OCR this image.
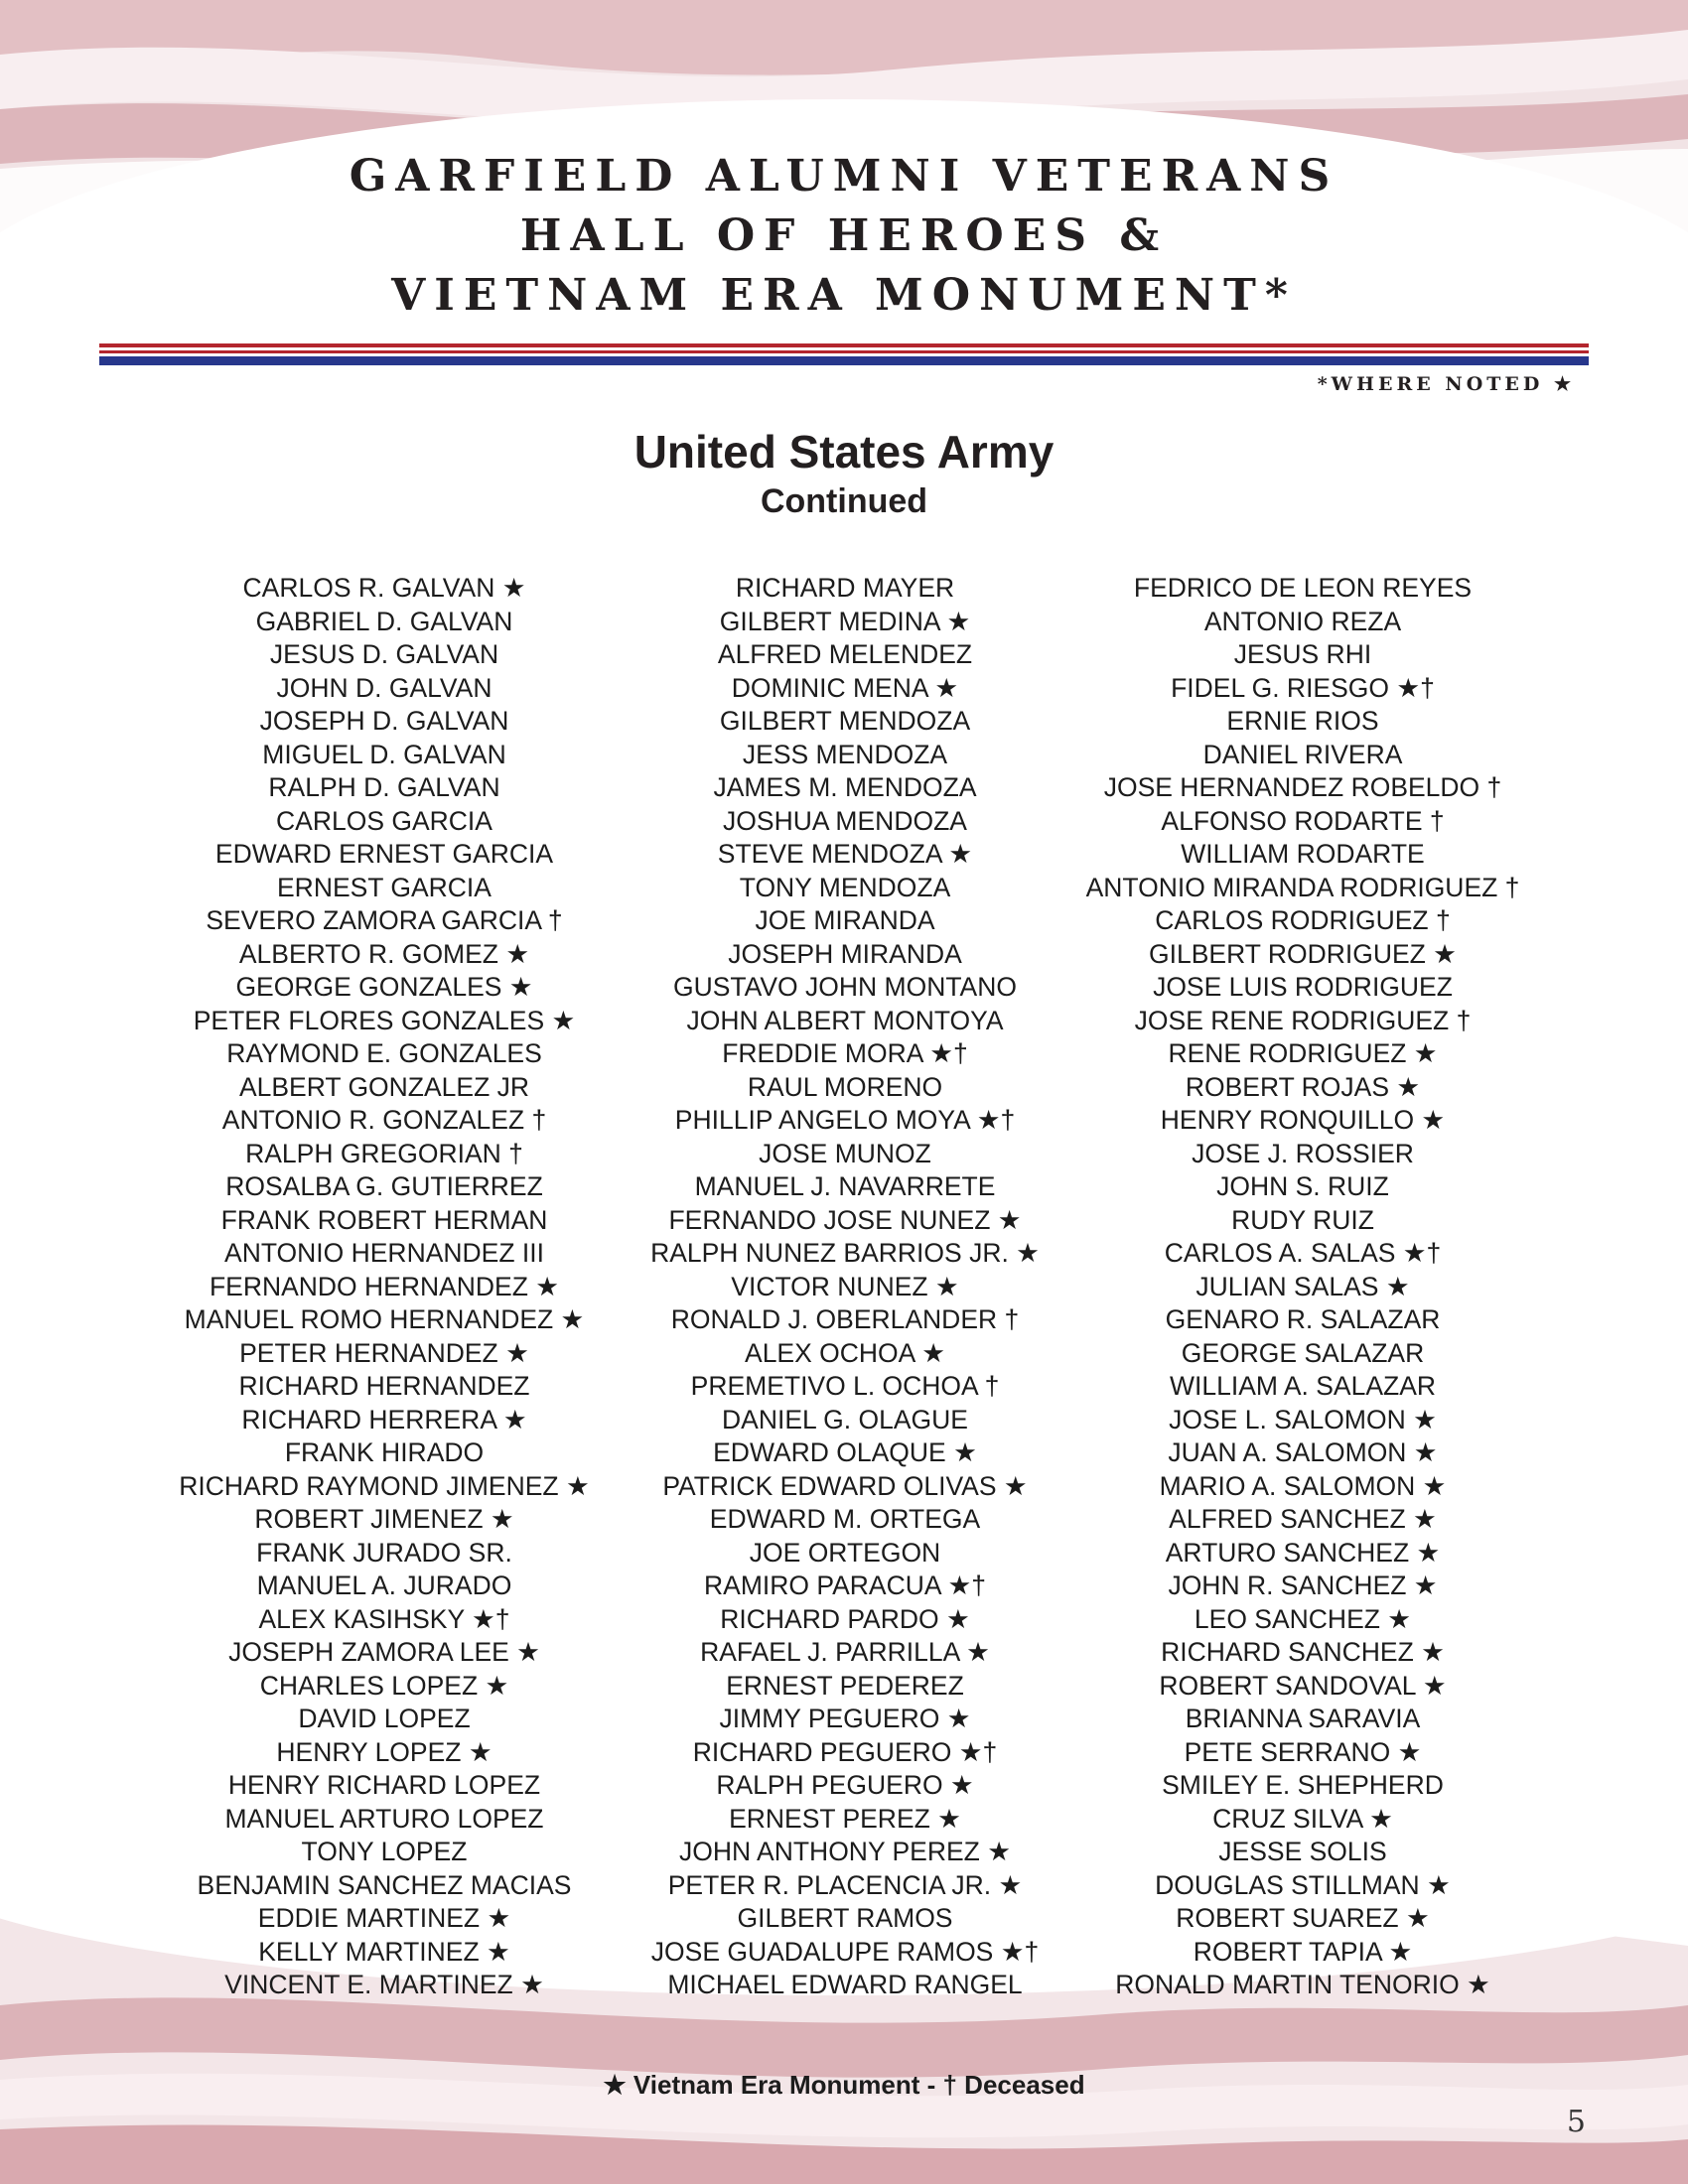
GARFIELD ALUMNI VETERANS
HALL OF HEROES &
VIETNAM ERA MONUMENT*
*WHERE NOTED ★
United States Army
Continued
CARLOS R. GALVAN ★
GABRIEL D. GALVAN
JESUS D. GALVAN
JOHN D. GALVAN
JOSEPH D. GALVAN
MIGUEL D. GALVAN
RALPH D. GALVAN
CARLOS GARCIA
EDWARD ERNEST GARCIA
ERNEST GARCIA
SEVERO ZAMORA GARCIA †
ALBERTO R. GOMEZ ★
GEORGE GONZALES ★
PETER FLORES GONZALES ★
RAYMOND E. GONZALES
ALBERT GONZALEZ JR
ANTONIO R. GONZALEZ †
RALPH GREGORIAN †
ROSALBA G. GUTIERREZ
FRANK ROBERT HERMAN
ANTONIO HERNANDEZ III
FERNANDO HERNANDEZ ★
MANUEL ROMO HERNANDEZ ★
PETER HERNANDEZ ★
RICHARD HERNANDEZ
RICHARD HERRERA ★
FRANK HIRADO
RICHARD RAYMOND JIMENEZ ★
ROBERT JIMENEZ ★
FRANK JURADO SR.
MANUEL A. JURADO
ALEX KASIHSKY ★†
JOSEPH ZAMORA LEE ★
CHARLES LOPEZ ★
DAVID LOPEZ
HENRY LOPEZ ★
HENRY RICHARD LOPEZ
MANUEL ARTURO LOPEZ
TONY LOPEZ
BENJAMIN SANCHEZ MACIAS
EDDIE MARTINEZ ★
KELLY MARTINEZ ★
VINCENT E. MARTINEZ ★
RICHARD MAYER
GILBERT MEDINA ★
ALFRED MELENDEZ
DOMINIC MENA ★
GILBERT MENDOZA
JESS MENDOZA
JAMES M. MENDOZA
JOSHUA MENDOZA
STEVE MENDOZA ★
TONY MENDOZA
JOE MIRANDA
JOSEPH MIRANDA
GUSTAVO JOHN MONTANO
JOHN ALBERT MONTOYA
FREDDIE MORA ★†
RAUL MORENO
PHILLIP ANGELO MOYA ★†
JOSE MUNOZ
MANUEL J. NAVARRETE
FERNANDO JOSE NUNEZ ★
RALPH NUNEZ BARRIOS JR. ★
VICTOR NUNEZ ★
RONALD J. OBERLANDER †
ALEX OCHOA ★
PREMETIVO L. OCHOA †
DANIEL G. OLAGUE
EDWARD OLAQUE ★
PATRICK EDWARD OLIVAS ★
EDWARD M. ORTEGA
JOE ORTEGON
RAMIRO PARACUA ★†
RICHARD PARDO ★
RAFAEL J. PARRILLA ★
ERNEST PEDEREZ
JIMMY PEGUERO ★
RICHARD PEGUERO ★†
RALPH PEGUERO ★
ERNEST PEREZ ★
JOHN ANTHONY PEREZ ★
PETER R. PLACENCIA JR. ★
GILBERT RAMOS
JOSE GUADALUPE RAMOS ★†
MICHAEL EDWARD RANGEL
FEDRICO DE LEON REYES
ANTONIO REZA
JESUS RHI
FIDEL G. RIESGO ★†
ERNIE RIOS
DANIEL RIVERA
JOSE HERNANDEZ ROBELDO †
ALFONSO RODARTE †
WILLIAM RODARTE
ANTONIO MIRANDA RODRIGUEZ †
CARLOS RODRIGUEZ †
GILBERT RODRIGUEZ ★
JOSE LUIS RODRIGUEZ
JOSE RENE RODRIGUEZ †
RENE RODRIGUEZ ★
ROBERT ROJAS ★
HENRY RONQUILLO ★
JOSE J. ROSSIER
JOHN S. RUIZ
RUDY RUIZ
CARLOS A. SALAS ★†
JULIAN SALAS ★
GENARO R. SALAZAR
GEORGE SALAZAR
WILLIAM A. SALAZAR
JOSE L. SALOMON ★
JUAN A. SALOMON ★
MARIO A. SALOMON ★
ALFRED SANCHEZ ★
ARTURO SANCHEZ ★
JOHN R. SANCHEZ ★
LEO SANCHEZ ★
RICHARD SANCHEZ ★
ROBERT SANDOVAL ★
BRIANNA SARAVIA
PETE SERRANO ★
SMILEY E. SHEPHERD
CRUZ SILVA ★
JESSE SOLIS
DOUGLAS STILLMAN ★
ROBERT SUAREZ ★
ROBERT TAPIA ★
RONALD MARTIN TENORIO ★
★ Vietnam Era Monument - † Deceased
5
